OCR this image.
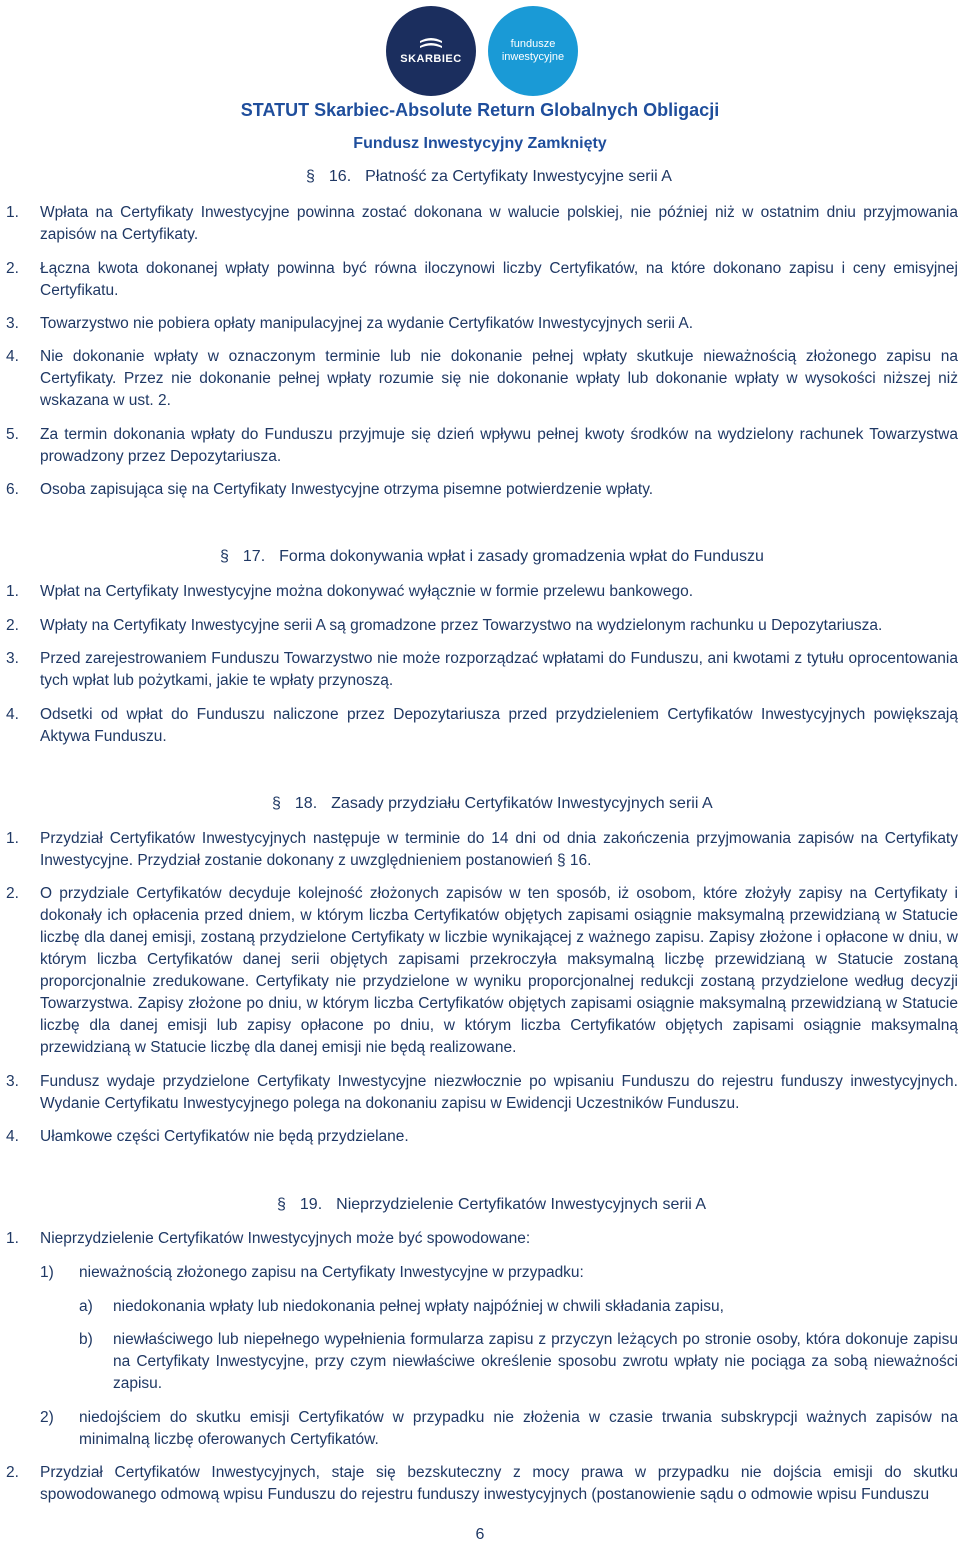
SKARBIEC
fundusze
inwestycyjne
STATUT Skarbiec-Absolute Return Globalnych Obligacji
Fundusz Inwestycyjny Zamknięty
§ 16. Płatność za Certyfikaty Inwestycyjne serii A
1. Wpłata na Certyfikaty Inwestycyjne powinna zostać dokonana w walucie polskiej, nie później niż w ostatnim dniu przyjmowania zapisów na Certyfikaty.
2. Łączna kwota dokonanej wpłaty powinna być równa iloczynowi liczby Certyfikatów, na które dokonano zapisu i ceny emisyjnej Certyfikatu.
3. Towarzystwo nie pobiera opłaty manipulacyjnej za wydanie Certyfikatów Inwestycyjnych serii A.
4. Nie dokonanie wpłaty w oznaczonym terminie lub nie dokonanie pełnej wpłaty skutkuje nieważnością złożonego zapisu na Certyfikaty. Przez nie dokonanie pełnej wpłaty rozumie się nie dokonanie wpłaty lub dokonanie wpłaty w wysokości niższej niż wskazana w ust. 2.
5. Za termin dokonania wpłaty do Funduszu przyjmuje się dzień wpływu pełnej kwoty środków na wydzielony rachunek Towarzystwa prowadzony przez Depozytariusza.
6. Osoba zapisująca się na Certyfikaty Inwestycyjne otrzyma pisemne potwierdzenie wpłaty.
§ 17. Forma dokonywania wpłat i zasady gromadzenia wpłat do Funduszu
1. Wpłat na Certyfikaty Inwestycyjne można dokonywać wyłącznie w formie przelewu bankowego.
2. Wpłaty na Certyfikaty Inwestycyjne serii A są gromadzone przez Towarzystwo na wydzielonym rachunku u Depozytariusza.
3. Przed zarejestrowaniem Funduszu Towarzystwo nie może rozporządzać wpłatami do Funduszu, ani kwotami z tytułu oprocentowania tych wpłat lub pożytkami, jakie te wpłaty przynoszą.
4. Odsetki od wpłat do Funduszu naliczone przez Depozytariusza przed przydzieleniem Certyfikatów Inwestycyjnych powiększają Aktywa Funduszu.
§ 18. Zasady przydziału Certyfikatów Inwestycyjnych serii A
1. Przydział Certyfikatów Inwestycyjnych następuje w terminie do 14 dni od dnia zakończenia przyjmowania zapisów na Certyfikaty Inwestycyjne. Przydział zostanie dokonany z uwzględnieniem postanowień § 16.
2. O przydziale Certyfikatów decyduje kolejność złożonych zapisów w ten sposób, iż osobom, które złożyły zapisy na Certyfikaty i dokonały ich opłacenia przed dniem, w którym liczba Certyfikatów objętych zapisami osiągnie maksymalną przewidzianą w Statucie liczbę dla danej emisji, zostaną przydzielone Certyfikaty w liczbie wynikającej z ważnego zapisu. Zapisy złożone i opłacone w dniu, w którym liczba Certyfikatów danej serii objętych zapisami przekroczyła maksymalną liczbę przewidzianą w Statucie zostaną proporcjonalnie zredukowane. Certyfikaty nie przydzielone w wyniku proporcjonalnej redukcji zostaną przydzielone według decyzji Towarzystwa. Zapisy złożone po dniu, w którym liczba Certyfikatów objętych zapisami osiągnie maksymalną przewidzianą w Statucie liczbę dla danej emisji lub zapisy opłacone po dniu, w którym liczba Certyfikatów objętych zapisami osiągnie maksymalną przewidzianą w Statucie liczbę dla danej emisji nie będą realizowane.
3. Fundusz wydaje przydzielone Certyfikaty Inwestycyjne niezwłocznie po wpisaniu Funduszu do rejestru funduszy inwestycyjnych. Wydanie Certyfikatu Inwestycyjnego polega na dokonaniu zapisu w Ewidencji Uczestników Funduszu.
4. Ułamkowe części Certyfikatów nie będą przydzielane.
§ 19. Nieprzydzielenie Certyfikatów Inwestycyjnych serii A
1. Nieprzydzielenie Certyfikatów Inwestycyjnych może być spowodowane:
1) nieważnością złożonego zapisu na Certyfikaty Inwestycyjne w przypadku:
a) niedokonania wpłaty lub niedokonania pełnej wpłaty najpóźniej w chwili składania zapisu,
b) niewłaściwego lub niepełnego wypełnienia formularza zapisu z przyczyn leżących po stronie osoby, która dokonuje zapisu na Certyfikaty Inwestycyjne, przy czym niewłaściwe określenie sposobu zwrotu wpłaty nie pociąga za sobą nieważności zapisu.
2) niedojściem do skutku emisji Certyfikatów w przypadku nie złożenia w czasie trwania subskrypcji ważnych zapisów na minimalną liczbę oferowanych Certyfikatów.
2. Przydział Certyfikatów Inwestycyjnych, staje się bezskuteczny z mocy prawa w przypadku nie dojścia emisji do skutku spowodowanego odmową wpisu Funduszu do rejestru funduszy inwestycyjnych (postanowienie sądu o odmowie wpisu Funduszu
6
